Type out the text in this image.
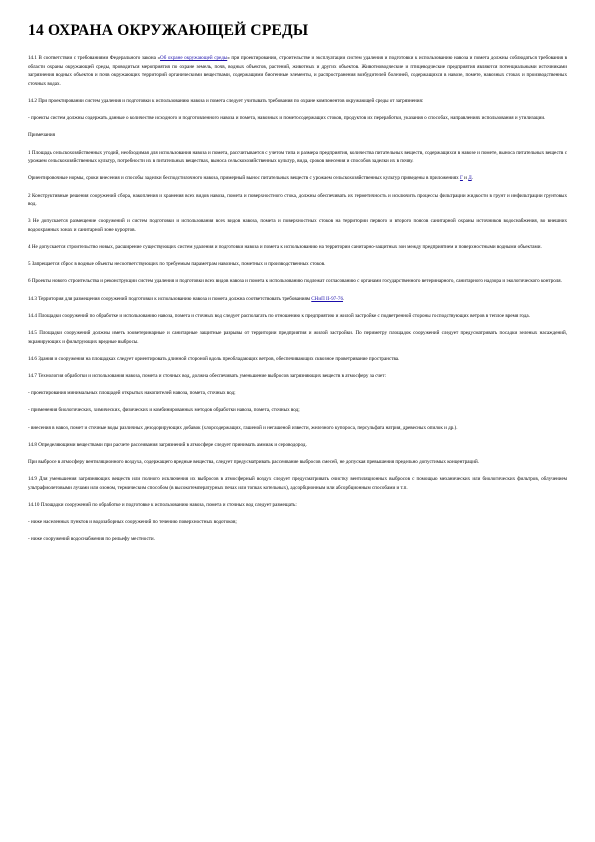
14 ОХРАНА ОКРУЖАЮЩЕЙ СРЕДЫ

14.1 В соответствии с требованиями Федерального закона «Об охране окружающей среды» при проектировании, строительстве и эксплуатации систем удаления и подготовки к использованию навоза и помета должны соблюдаться требования в области охраны окружающей среды, проводиться мероприятия по охране земель, почв, водных объектов, растений, животных и других объектов. Животноводческие и птицеводческие предприятия являются потенциальными источниками загрязнения водных объектов и почв окружающих территорий органическими веществами, содержащими биогенные элементы, и распространения возбудителей болезней, содержащихся в навозе, помете, навозных стоках и производственных сточных водах.

14.2 При проектировании систем удаления и подготовки к использованию навоза и помета следует учитывать требования по охране компонентов окружающей среды от загрязнения:

- проекты систем должны содержать данные о количестве исходного и подготовленного навоза и помета, навозных и пометосодержащих стоков, продуктов их переработки, указания о способах, направлениях использования и утилизации.

Примечания

1 Площадь сельскохозяйственных угодий, необходимая для использования навоза и помета, рассчитывается с учетом типа и размера предприятия, количества питательных веществ, содержащихся в навозе и помете, выноса питательных веществ с урожаем сельскохозяйственных культур, потребности их в питательных веществах, выноса сельскохозяйственных культур, вида, сроков внесения и способов заделки их в почву.

Ориентировочные нормы, сроки внесения и способы заделки бесподстилочного навоза, примерный вынос питательных веществ с урожаем сельскохозяйственных культур приведены в приложениях Г и Д.

2 Конструктивные решения сооружений сбора, накопления и хранения всех видов навоза, помета и поверхностного стока, должны обеспечивать их герметичность и исключить процессы фильтрации жидкости в грунт и инфильтрации грунтовых вод.

3 Не допускается размещение сооружений и систем подготовки и использования всех видов навоза, помета и поверхностных стоков на территории первого и второго поясов санитарной охраны источников водоснабжения, во внешних водоохранных зонах и санитарной зоне курортов.

4 Не допускается строительство новых, расширение существующих систем удаления и подготовки навоза и помета к использованию на территории санитарно-защитных зон между предприятием и поверхностными водными объектами.

5 Запрещается сброс в водные объекты несоответствующих по требуемым параметрам навозных, пометных и производственных стоков.

6 Проекты нового строительства и реконструкции систем удаления и подготовки всех видов навоза и помета к использованию подлежат согласованию с органами государственного ветеринарного, санитарного надзора и экологического контроля.

14.3 Территория для размещения сооружений подготовки к использованию навоза и помета должна соответствовать требованиям СНиП II-97-76.

14.4 Площадки сооружений по обработке и использованию навоза, помета и сточных вод следует располагать по отношению к предприятию и жилой застройке с подветренной стороны господствующих ветров в теплое время года.

14.5 Площадки сооружений должны иметь зооветеринарные и санитарные защитные разрывы от территории предприятия и жилой застройки. По периметру площадок сооружений следует предусматривать посадки зеленых насаждений, экранирующих и фильтрующих вредные выбросы.

14.6 Здания и сооружения на площадках следует ориентировать длинной стороной вдоль преобладающих ветров, обеспечивающих сквозное проветривание пространства.

14.7 Технология обработки и использования навоза, помета и сточных вод, должна обеспечивать уменьшение выбросов загрязняющих веществ в атмосферу за счет:

- проектирования минимальных площадей открытых накопителей навоза, помета, сточных вод;

- применения биологических, химических, физических и комбинированных методов обработки навоза, помета, сточных вод;

- внесения в навоз, помет и сточные воды различных дезодорирующих добавок (хлорсодержащих, гашеной и негашеной извести, железного купороса, персульфата натрия, древесных опилок и др.).

14.8 Определяющими веществами при расчете рассеивания загрязнений в атмосфере следует принимать аммиак и сероводород.

При выбросе в атмосферу вентиляционного воздуха, содержащего вредные вещества, следует предусматривать рассеивание выбросов смесей, не допуская превышения предельно допустимых концентраций.

14.9 Для уменьшения загрязняющих веществ или полного исключения их выбросов в атмосферный воздух следует предусматривать очистку вентиляционных выбросов с помощью механических или биологических фильтров, облучением ультрафиолетовыми лучами или озоном, термическим способом (в высокотемпературных печах или топках котельных), адсорбционным или абсорбционным способами и т.п.

14.10 Площадки сооружений по обработке и подготовке к использованию навоза, помета и сточных вод следует размещать:

- ниже населенных пунктов и водозаборных сооружений по течению поверхностных водотоков;

- ниже сооружений водоснабжения по рельефу местности.
